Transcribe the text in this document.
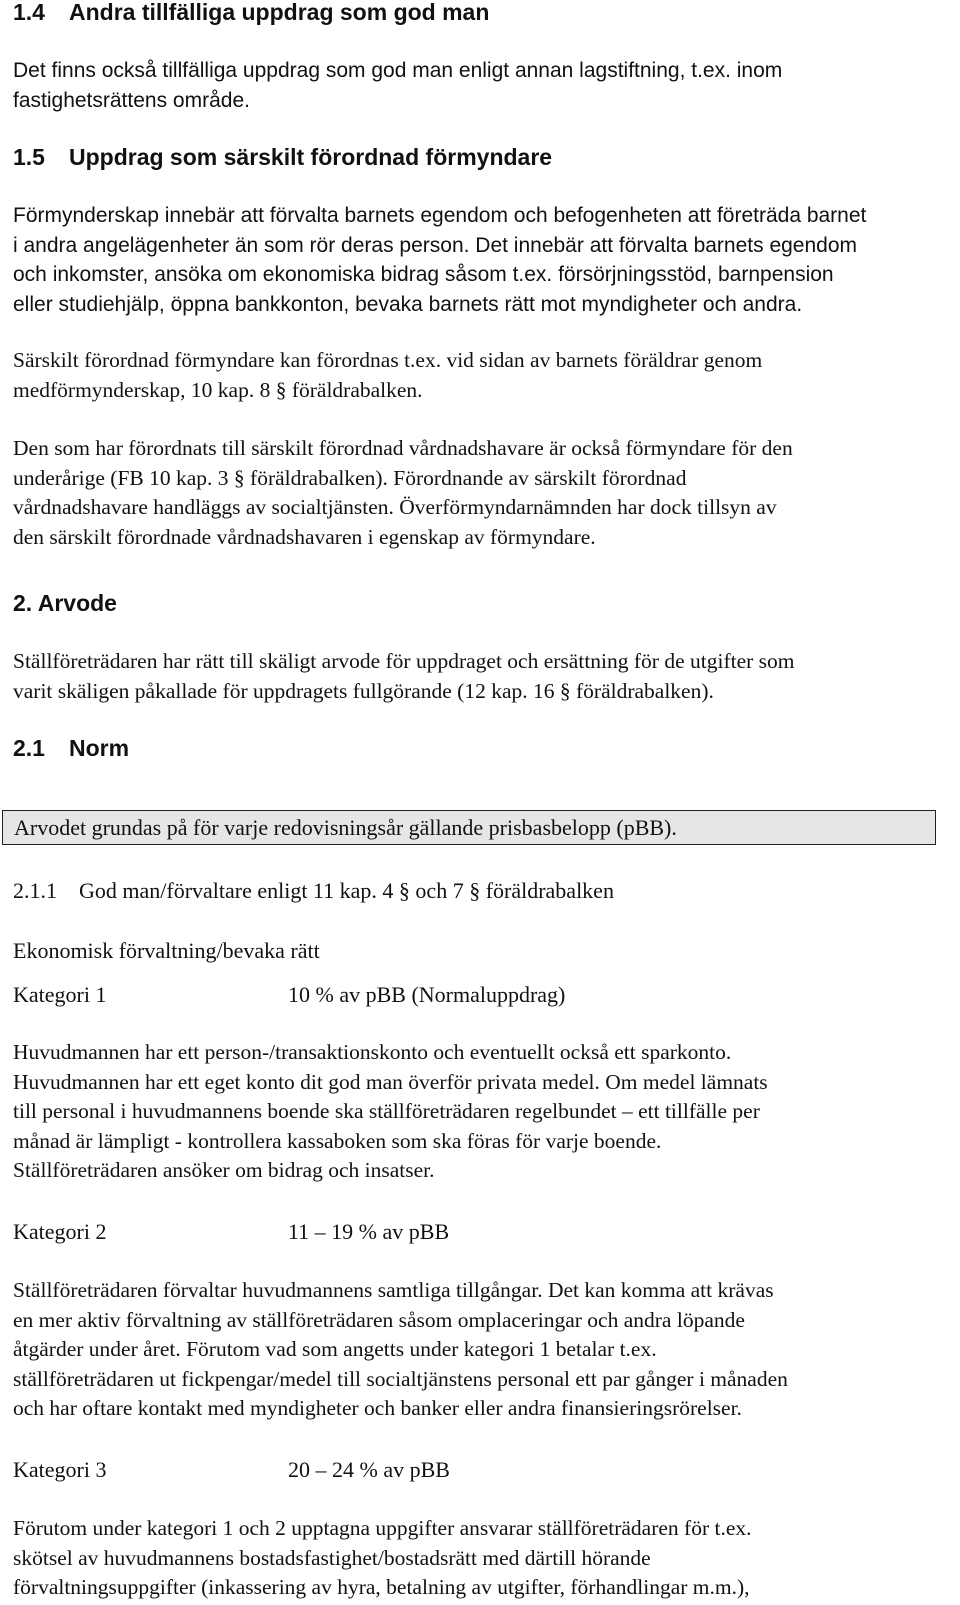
1.4 Andra tillfälliga uppdrag som god man

Det finns också tillfälliga uppdrag som god man enligt annan lagstiftning, t.ex. inom
fastighetsrättens område.

1.5 Uppdrag som särskilt förordnad förmyndare

Förmynderskap innebär att förvalta barnets egendom och befogenheten att företräda barnet
i andra angelägenheter än som rör deras person. Det innebär att förvalta barnets egendom
och inkomster, ansöka om ekonomiska bidrag såsom t.ex. försörjningsstöd, barnpension
eller studiehjälp, öppna bankkonton, bevaka barnets rätt mot myndigheter och andra.

Särskilt förordnad förmyndare kan förordnas t.ex. vid sidan av barnets föräldrar genom
medförmynderskap, 10 kap. 8 § föräldrabalken.

Den som har förordnats till särskilt förordnad vårdnadshavare är också förmyndare för den
underårige (FB 10 kap. 3 § föräldrabalken). Förordnande av särskilt förordnad
vårdnadshavare handläggs av socialtjänsten. Överförmyndarnämnden har dock tillsyn av
den särskilt förordnade vårdnadshavaren i egenskap av förmyndare.

2. Arvode

Ställföreträdaren har rätt till skäligt arvode för uppdraget och ersättning för de utgifter som
varit skäligen påkallade för uppdragets fullgörande (12 kap. 16 § föräldrabalken).

2.1 Norm
Arvodet grundas på för varje redovisningsår gällande prisbasbelopp (pBB).
2.1.1    God man/förvaltare enligt 11 kap. 4 § och 7 § föräldrabalken
Ekonomisk förvaltning/bevaka rätt
Kategori 1	10 % av pBB (Normaluppdrag)

Huvudmannen har ett person-/transaktionskonto och eventuellt också ett sparkonto.
Huvudmannen har ett eget konto dit god man överför privata medel. Om medel lämnats
till personal i huvudmannens boende ska ställföreträdaren regelbundet – ett tillfälle per
månad är lämpligt - kontrollera kassaboken som ska föras för varje boende.
Ställföreträdaren ansöker om bidrag och insatser.

Kategori 2	11 – 19 % av pBB

Ställföreträdaren förvaltar huvudmannens samtliga tillgångar. Det kan komma att krävas
en mer aktiv förvaltning av ställföreträdaren såsom omplaceringar och andra löpande
åtgärder under året. Förutom vad som angetts under kategori 1 betalar t.ex.
ställföreträdaren ut fickpengar/medel till socialtjänstens personal ett par gånger i månaden
och har oftare kontakt med myndigheter och banker eller andra finansieringsrörelser.

Kategori 3	20 – 24 % av pBB

Förutom under kategori 1 och 2 upptagna uppgifter ansvarar ställföreträdaren för t.ex.
skötsel av huvudmannens bostadsfastighet/bostadsrätt med därtill hörande
förvaltningsuppgifter (inkassering av hyra, betalning av utgifter, förhandlingar m.m.),
